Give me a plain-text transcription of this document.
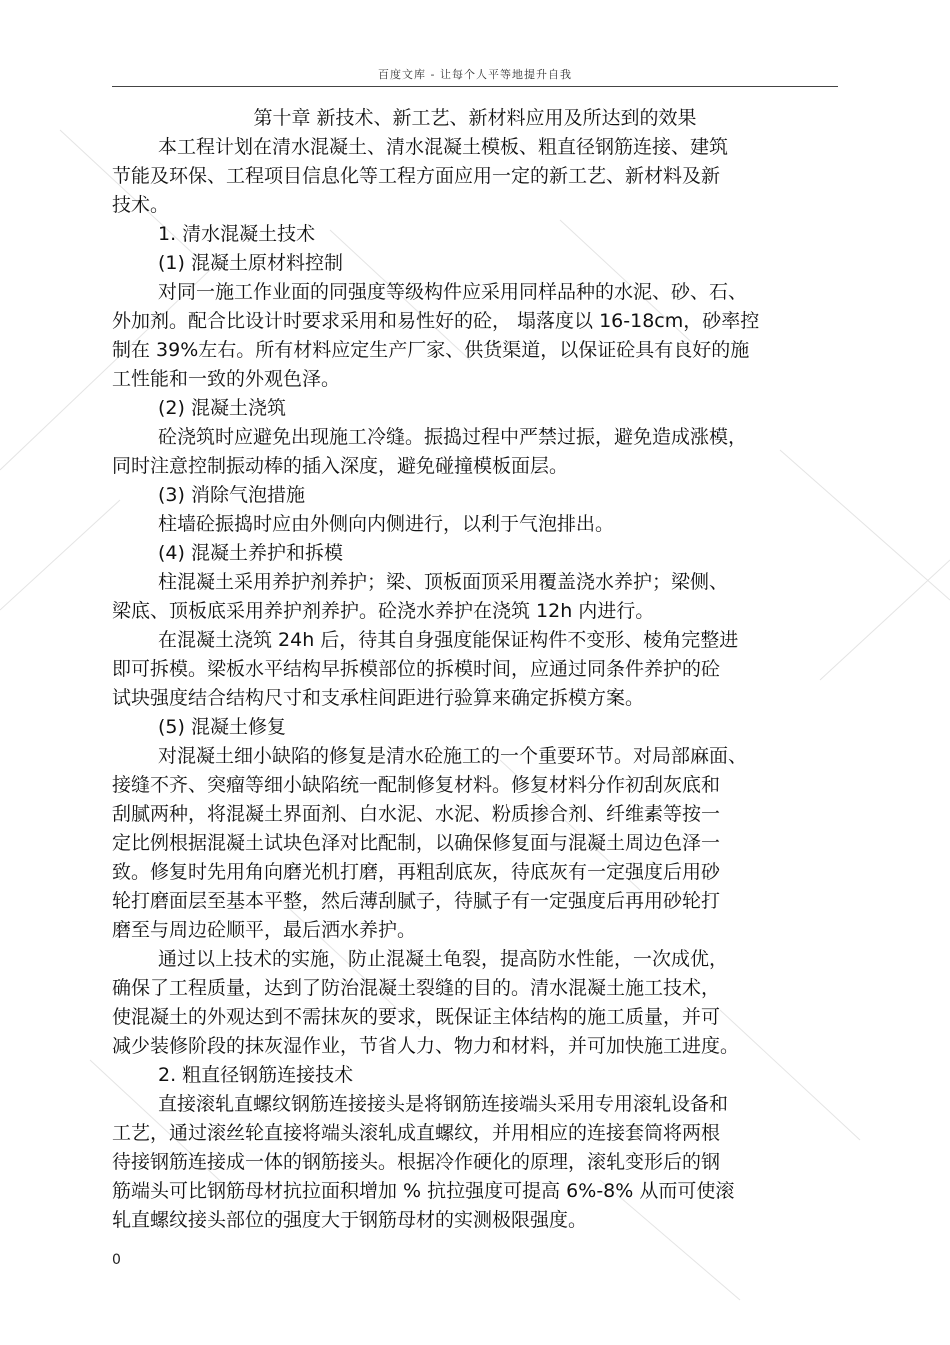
百度文库 - 让每个人平等地提升自我
第十章 新技术、新工艺、新材料应用及所达到的效果
本工程计划在清水混凝土、清水混凝土模板、粗直径钢筋连接、建筑
节能及环保、工程项目信息化等工程方面应用一定的新工艺、新材料及新
技术。
1. 清水混凝土技术
(1) 混凝土原材料控制
对同一施工作业面的同强度等级构件应采用同样品种的水泥、砂、石、
外加剂。配合比设计时要求采用和易性好的砼， 塌落度以 16-18cm，砂率控
制在 39%左右。所有材料应定生产厂家、供货渠道，以保证砼具有良好的施
工性能和一致的外观色泽。
(2) 混凝土浇筑
砼浇筑时应避免出现施工冷缝。振捣过程中严禁过振，避免造成涨模，
同时注意控制振动棒的插入深度，避免碰撞模板面层。
(3) 消除气泡措施
柱墙砼振捣时应由外侧向内侧进行，以利于气泡排出。
(4) 混凝土养护和拆模
柱混凝土采用养护剂养护；梁、顶板面顶采用覆盖浇水养护；梁侧、
梁底、顶板底采用养护剂养护。砼浇水养护在浇筑 12h 内进行。
在混凝土浇筑 24h 后，待其自身强度能保证构件不变形、棱角完整进
即可拆模。梁板水平结构早拆模部位的拆模时间，应通过同条件养护的砼
试块强度结合结构尺寸和支承柱间距进行验算来确定拆模方案。
(5) 混凝土修复
对混凝土细小缺陷的修复是清水砼施工的一个重要环节。对局部麻面、
接缝不齐、突瘤等细小缺陷统一配制修复材料。修复材料分作初刮灰底和
刮腻两种，将混凝土界面剂、白水泥、水泥、粉质掺合剂、纤维素等按一
定比例根据混凝土试块色泽对比配制，以确保修复面与混凝土周边色泽一
致。修复时先用角向磨光机打磨，再粗刮底灰，待底灰有一定强度后用砂
轮打磨面层至基本平整，然后薄刮腻子，待腻子有一定强度后再用砂轮打
磨至与周边砼顺平，最后洒水养护。
通过以上技术的实施，防止混凝土龟裂，提高防水性能，一次成优，
确保了工程质量，达到了防治混凝土裂缝的目的。清水混凝土施工技术，
使混凝土的外观达到不需抹灰的要求，既保证主体结构的施工质量，并可
减少装修阶段的抹灰湿作业，节省人力、物力和材料，并可加快施工进度。
2. 粗直径钢筋连接技术
直接滚轧直螺纹钢筋连接接头是将钢筋连接端头采用专用滚轧设备和
工艺，通过滚丝轮直接将端头滚轧成直螺纹，并用相应的连接套筒将两根
待接钢筋连接成一体的钢筋接头。根据冷作硬化的原理，滚轧变形后的钢
筋端头可比钢筋母材抗拉面积增加 % 抗拉强度可提高 6%-8% 从而可使滚
轧直螺纹接头部位的强度大于钢筋母材的实测极限强度。
0
